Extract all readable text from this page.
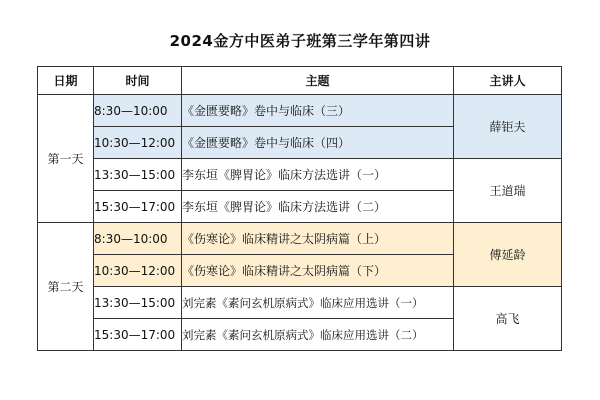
2024金方中医弟子班第三学年第四讲
日期	时间	主题	主讲人
第一天	8:30—10:00	《金匮要略》卷中与临床（三）	薛钜夫
	10:30—12:00	《金匮要略》卷中与临床（四）	
	13:30—15:00	李东垣《脾胃论》临床方法选讲（一）	王道瑞
	15:30—17:00	李东垣《脾胃论》临床方法选讲（二）	
第二天	8:30—10:00	《伤寒论》临床精讲之太阴病篇（上）	傅延龄
	10:30—12:00	《伤寒论》临床精讲之太阴病篇（下）	
	13:30—15:00	刘完素《素问玄机原病式》临床应用选讲（一）	高飞
	15:30—17:00	刘完素《素问玄机原病式》临床应用选讲（二）	
